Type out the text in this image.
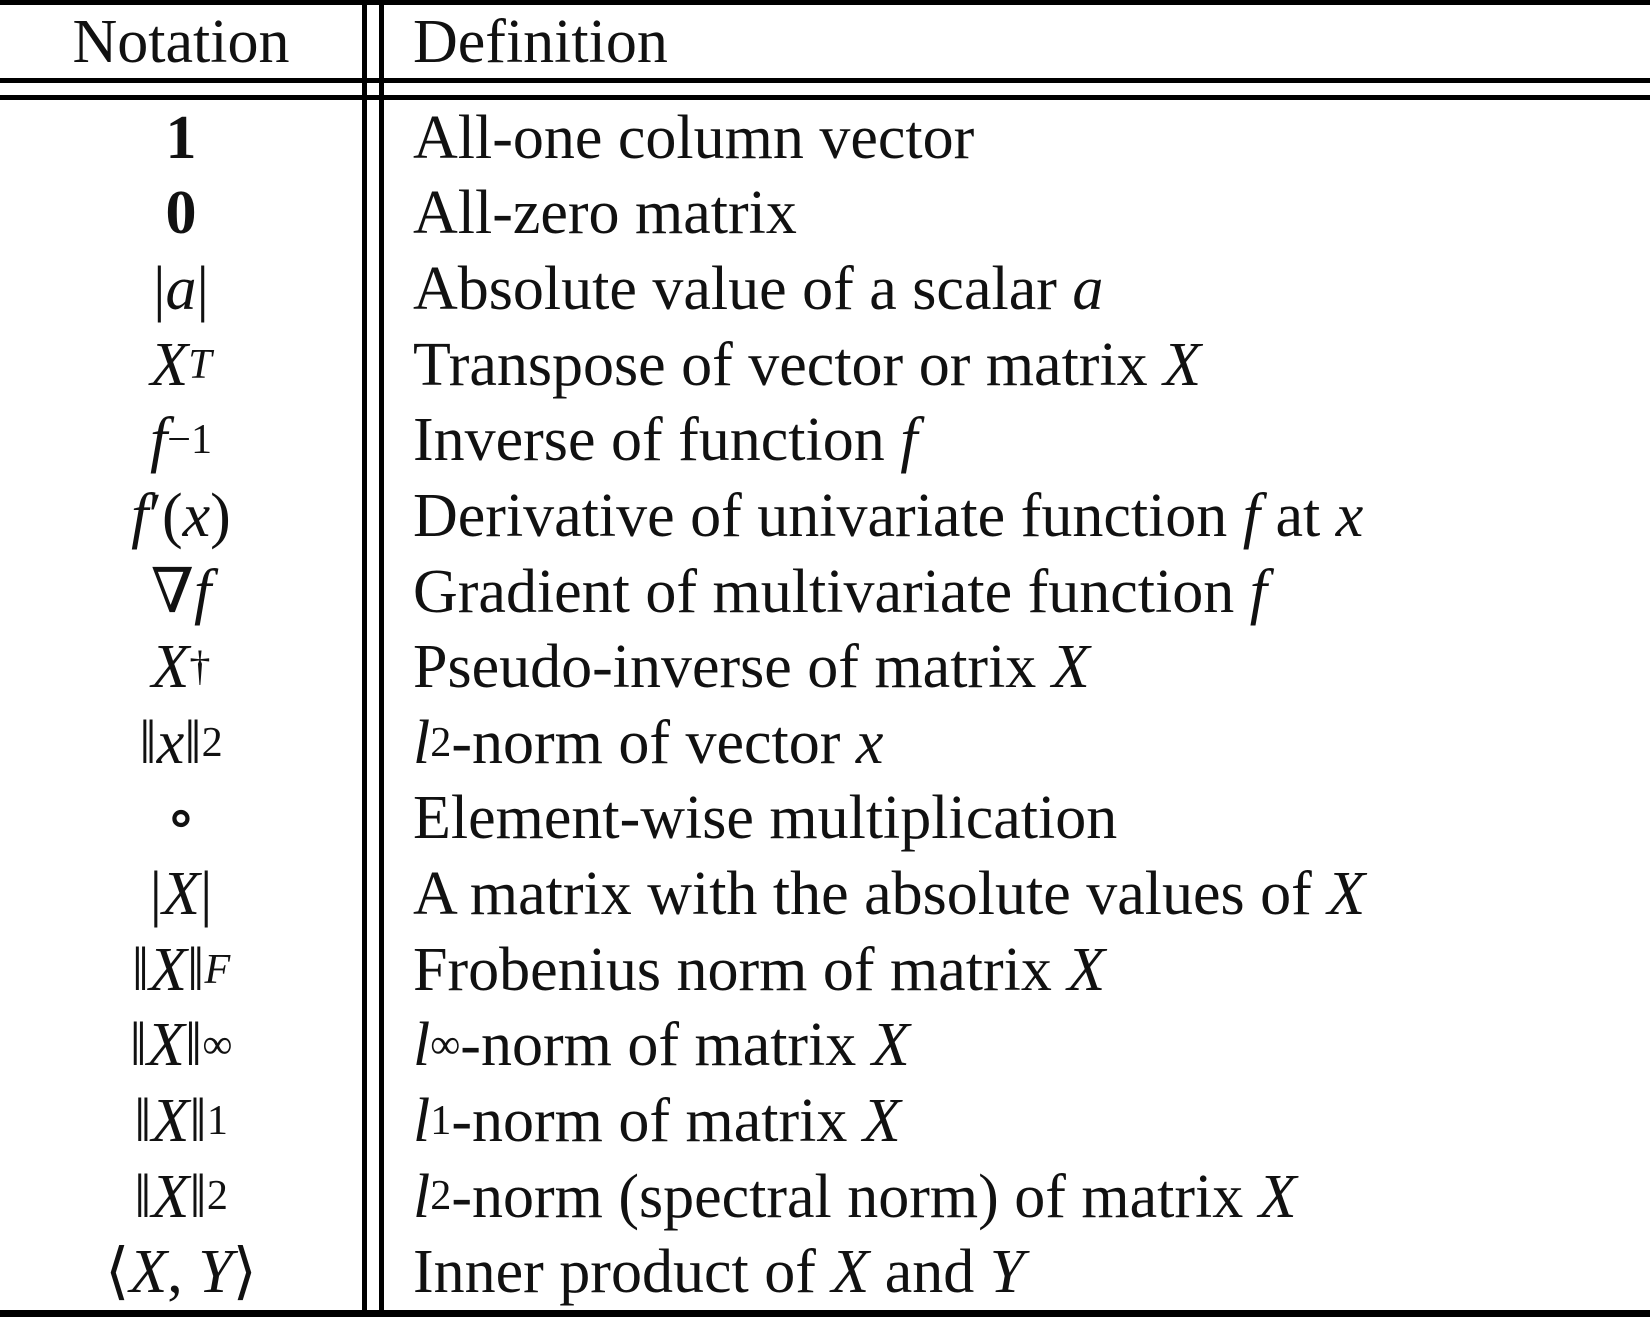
Notation	Definition
1	All-one column vector
0	All-zero matrix
| a |	Absolute value of a scalar a
X T	Transpose of vector or matrix X
f −1	Inverse of function f
f ′( x )	Derivative of univariate function f at x
∇ f	Gradient of multivariate function f
X †	Pseudo-inverse of matrix X
‖ x ‖ 2	l 2 -norm of vector x
∘	Element-wise multiplication
| X |	A matrix with the absolute values of X
‖ X ‖ F	Frobenius norm of matrix X
‖ X ‖ ∞	l ∞ -norm of matrix X
‖ X ‖ 1	l 1 -norm of matrix X
‖ X ‖ 2	l 2 -norm (spectral norm) of matrix X
⟨ X , Y ⟩	Inner product of X and Y
